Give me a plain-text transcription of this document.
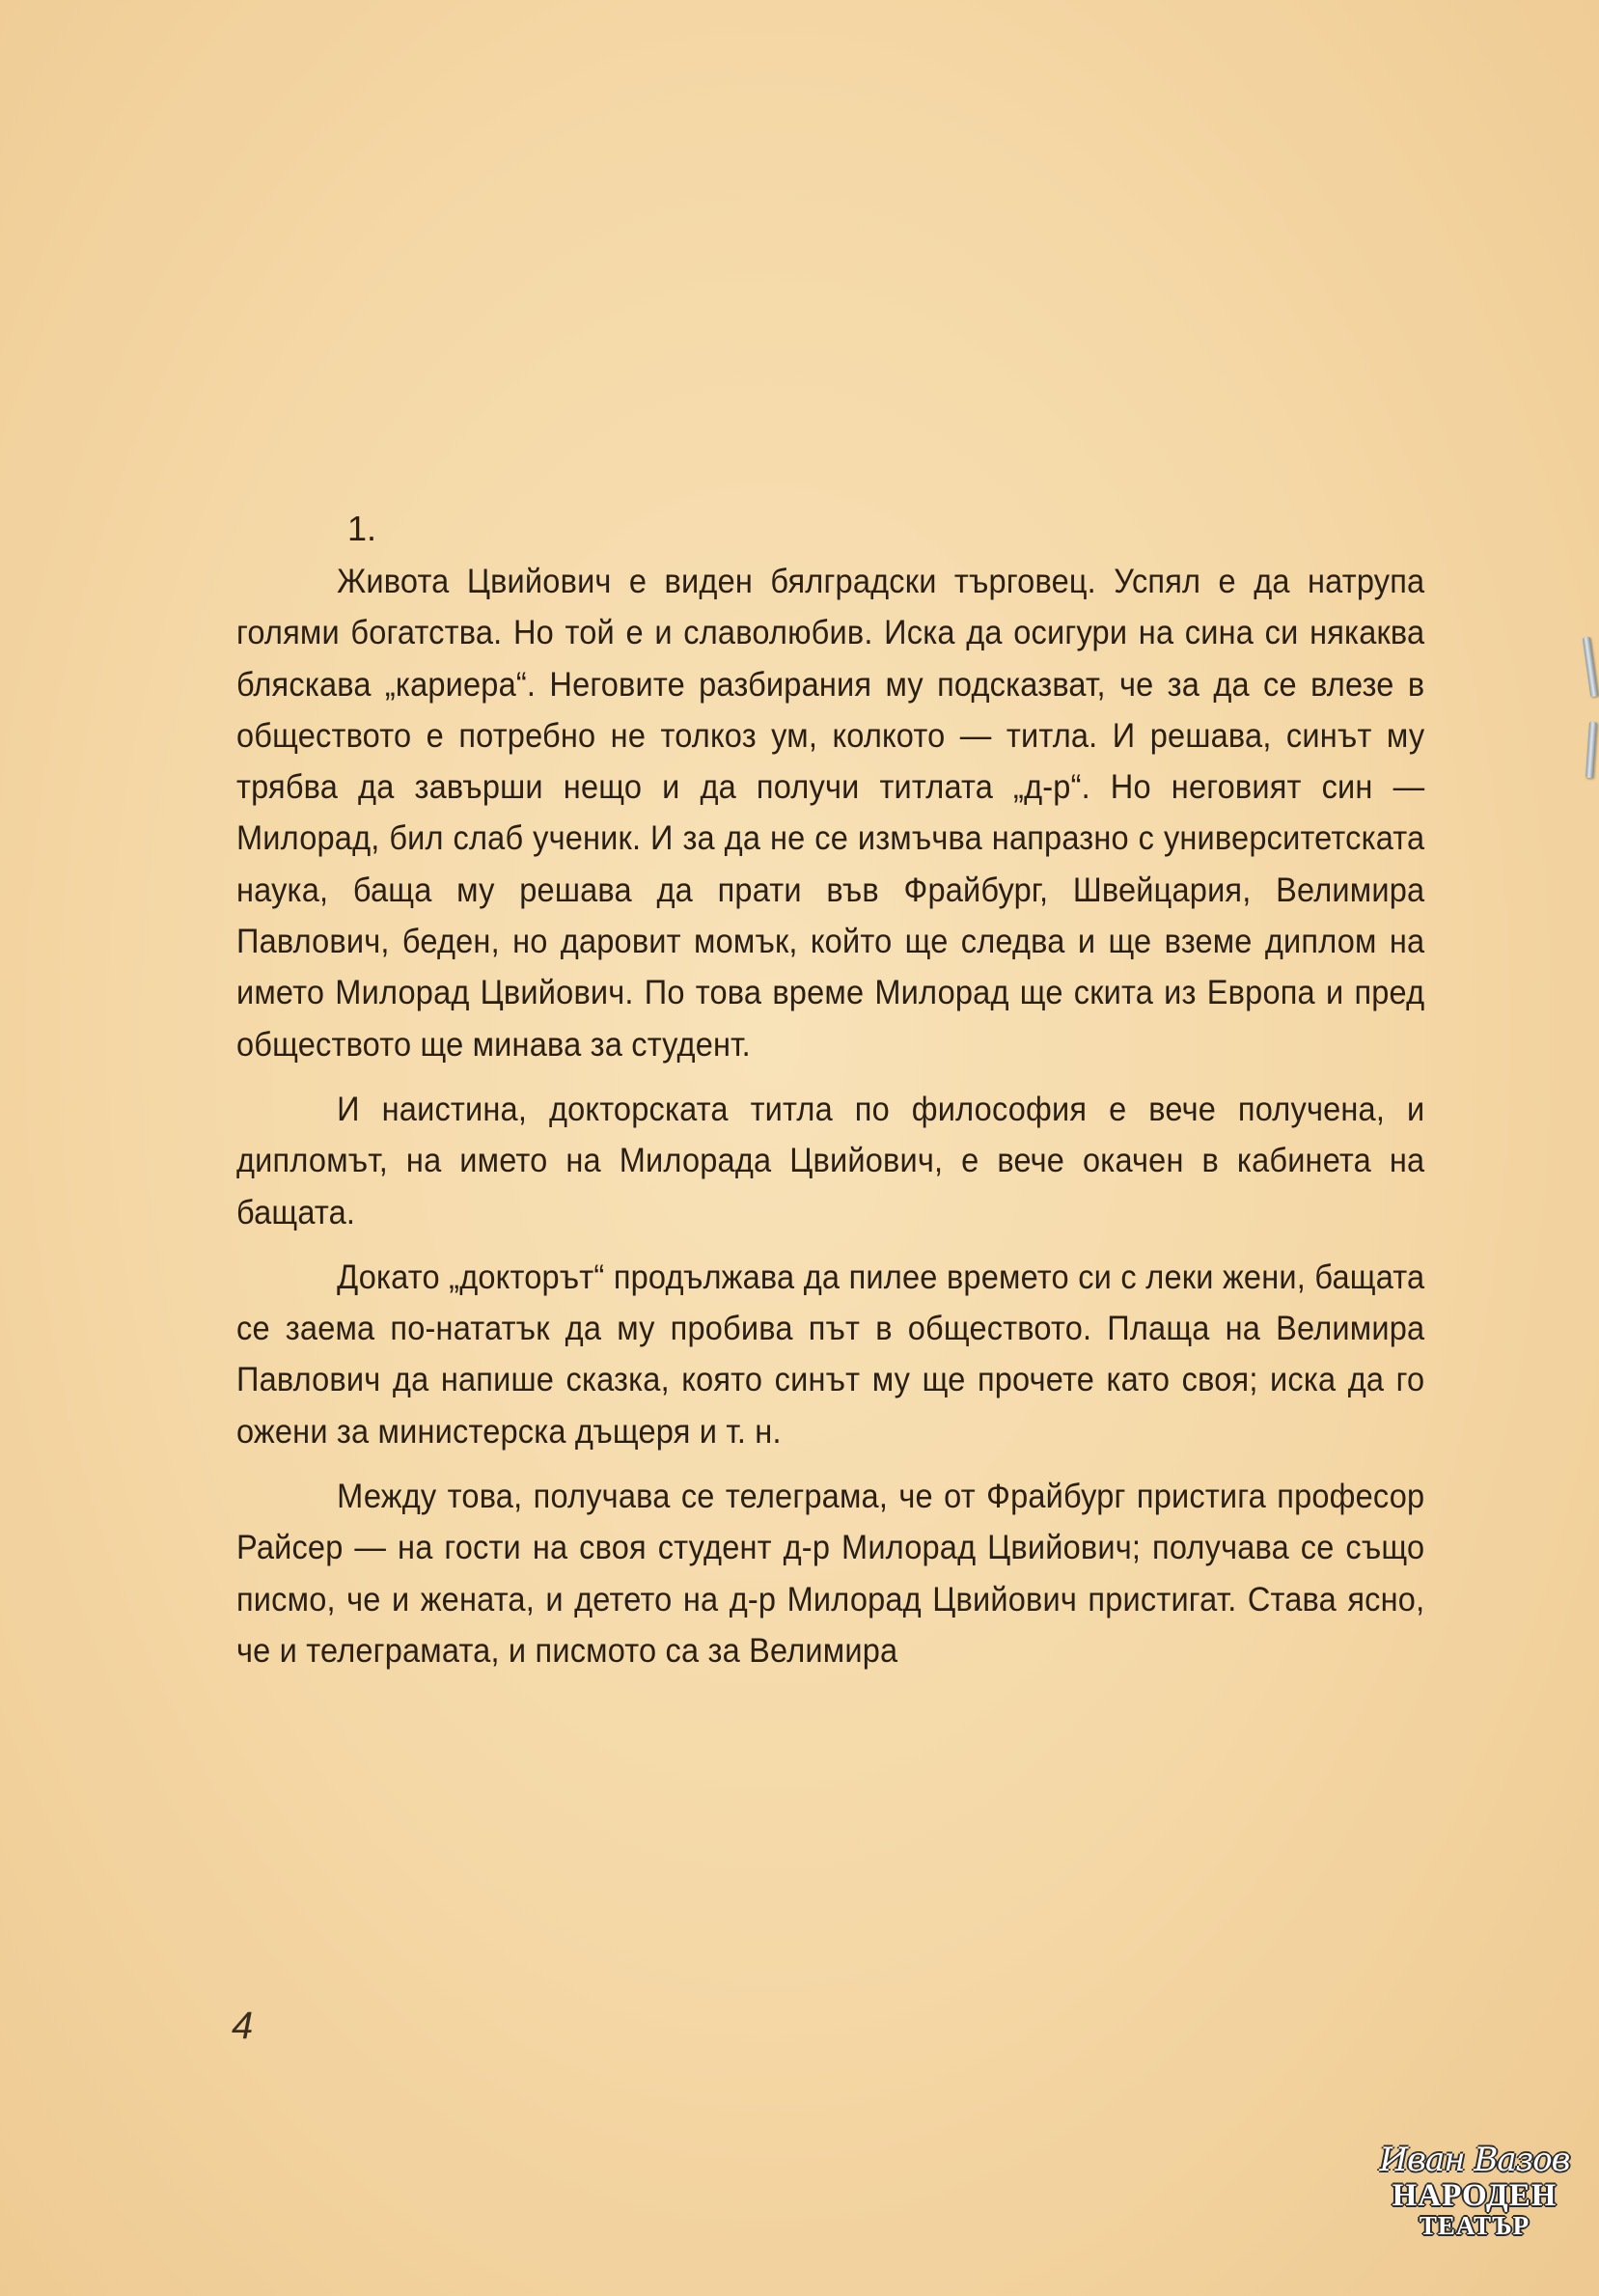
1.

Живота Цвийович е виден бялградски търговец. Успял е да натрупа голями богатства. Но той е и славолюбив. Иска да осигури на сина си някаква бляскава „кариера“. Неговите разбирания му подсказват, че за да се влезе в обществото е потребно не толкоз ум, колкото — титла. И решава, синът му трябва да завърши нещо и да получи титлата „д-р“. Но неговият син — Милорад, бил слаб ученик. И за да не се измъчва напразно с университетската наука, баща му решава да прати във Фрайбург, Швейцария, Велимира Павлович, беден, но даровит момък, който ще следва и ще вземе диплом на името Милорад Цвийович. По това време Милорад ще скита из Европа и пред обществото ще минава за студент.

И наистина, докторската титла по философия е вече получена, и дипломът, на името на Милорада Цвийович, е вече окачен в кабинета на бащата.

Докато „докторът“ продължава да пилее времето си с леки жени, бащата се заема по-нататък да му пробива път в обществото. Плаща на Велимира Павлович да напише сказка, която синът му ще прочете като своя; иска да го ожени за министерска дъщеря и т. н.

Между това, получава се телеграма, че от Фрайбург пристига професор Райсер — на гости на своя студент д-р Милорад Цвийович; получава се също писмо, че и жената, и детето на д-р Милорад Цвийович пристигат. Става ясно, че и телеграмата, и писмото са за Велимира

4
Иван Вазов
НАРОДЕН
ТЕАТЪР
